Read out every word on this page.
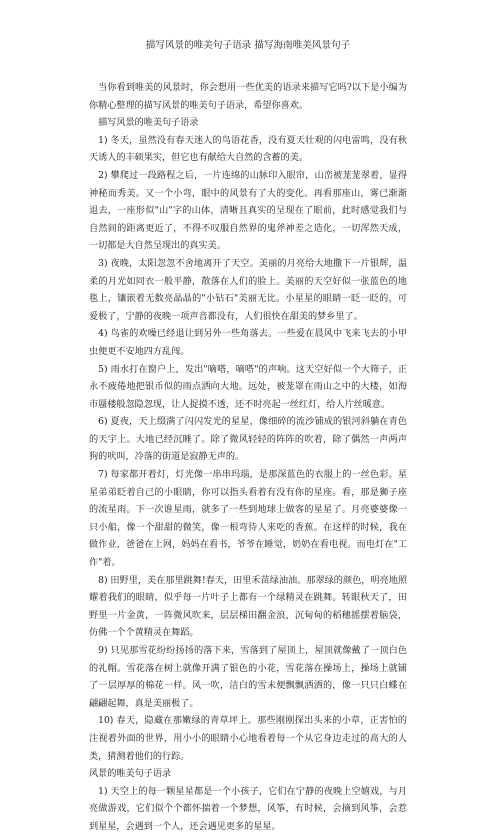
描写风景的唯美句子语录 描写海南唯美风景句子

当你看到唯美的风景时，你会想用一些优美的语录来描写它吗?以下是小编为你精心整理的描写风景的唯美句子语录，希望你喜欢。

描写风景的唯美句子语录

1) 冬天，虽然没有春天迷人的鸟语花香，没有夏天壮观的闪电雷鸣，没有秋天诱人的丰硕果实，但它也有献给大自然的含蓄的美。

2) 攀爬过一段路程之后，一片连绵的山脉印入眼帘，山峦被茏茏翠着，显得神秘而秀美。又一个小弯，眼中的风景有了大的变化。再看那座山，雾已渐渐退去，一座形似"山"字的山体，清晰且真实的呈现在了眼前，此时感觉我们与自然间的距离更近了，不得不叹服自然界的鬼斧神差之造化，一切浑然天成，一切都是大自然呈现出的真实美。

3) 夜晚，太阳忽忽不舍地离开了天空。美丽的月亮给大地撒下一片银辉，温柔的月光如同衣一般平静，散落在人们的脸上。美丽的天空好似一张蓝色的地毯上，镶嵌着无数亮晶晶的"小钻石"美丽无比。小星星的眼睛一眨一眨的，可爱极了，宁静的夜晚一项声音都没有，人们很快在甜美的梦乡里了。

4) 鸟雀的欢噪已经退让到另外一些角落去。一些爱在晨风中飞来飞去的小甲虫便更不安地四方乱闯。

5) 雨水打在窗户上，发出"嘀嗒，嘀嗒"的声响。这天空好似一个大筛子，正永不疲倦地把银币似的雨点洒向大地。远处，被茏罩在雨山之中的大楼，如海市蜃楼般忽隐忽现，让人捉摸不透，还不时亮起一丝红灯，给人片丝暖意。

6) 夏夜，天上缀满了闪闪发光的星星，像细碎的流沙铺成的银河斜躺在青色的天宇上。大地已经沉睡了。除了微风轻轻的阵阵的吹着，除了偶然一声两声狗的吠叫，冷落的街道是寂静无声的。

7) 每家都开着灯，灯光像一串串玛瑙，是那深蓝色的衣服上的一丝色彩。星星弟弟眨着自己的小眼睛，你可以指头看着有没有你的星座。看，那是狮子座的流星雨。下一次谁星雨，就多了一些到地球上做客的星星了。月亮婆婆像一只小船，像一个甜甜的微笑，像一根弯待人来吃的香蕉。在这样的时候，我在做作业，爸爸在上网，妈妈在看书，爷爷在睡觉，奶奶在看电视。而电灯在"工作"着。

8) 田野里，美在那里跳舞!春天，田里禾苗绿油油。那翠绿的颜色，明亮地照耀着我们的眼睛，似乎每一片叶子上都有一个绿精灵在跳舞。转眼秋天了，田野里一片金黄，一阵微风吹来，层层梯田翻金浪，沉甸甸的稻穗摇摆着脑袋，仿佛一个个黄精灵在舞蹈。

9) 只见那雪花纷纷扬扬的落下来，雪落到了屋顶上，屋顶就像戴了一顶白色的礼帽。雪花落在树上就像开满了银色的小花，雪花落在操场上，操场上就铺了一层厚厚的棉花一样。风一吹，洁白的雪末便飘飘洒洒的，像一只只白蝶在翩翩起舞，真是美丽极了。

10) 春天，隐藏在那嫩绿的青草坪上。那些刚刚探出头来的小草，正害怕的注视着外面的世界，用小小的眼睛小心地看着每一个从它身边走过的高大的人类，猜测着他们的行踪。

风景的唯美句子语录

1) 天空上的每一颗星星都是一个小孩子，它们在宁静的夜晚上空嬉戏，与月亮做游戏，它们似个个都怀揣着一个梦想，风筝，有时候，会摘到风筝，会惹到星星，会遇到一个人，还会遇见更多的星星。
